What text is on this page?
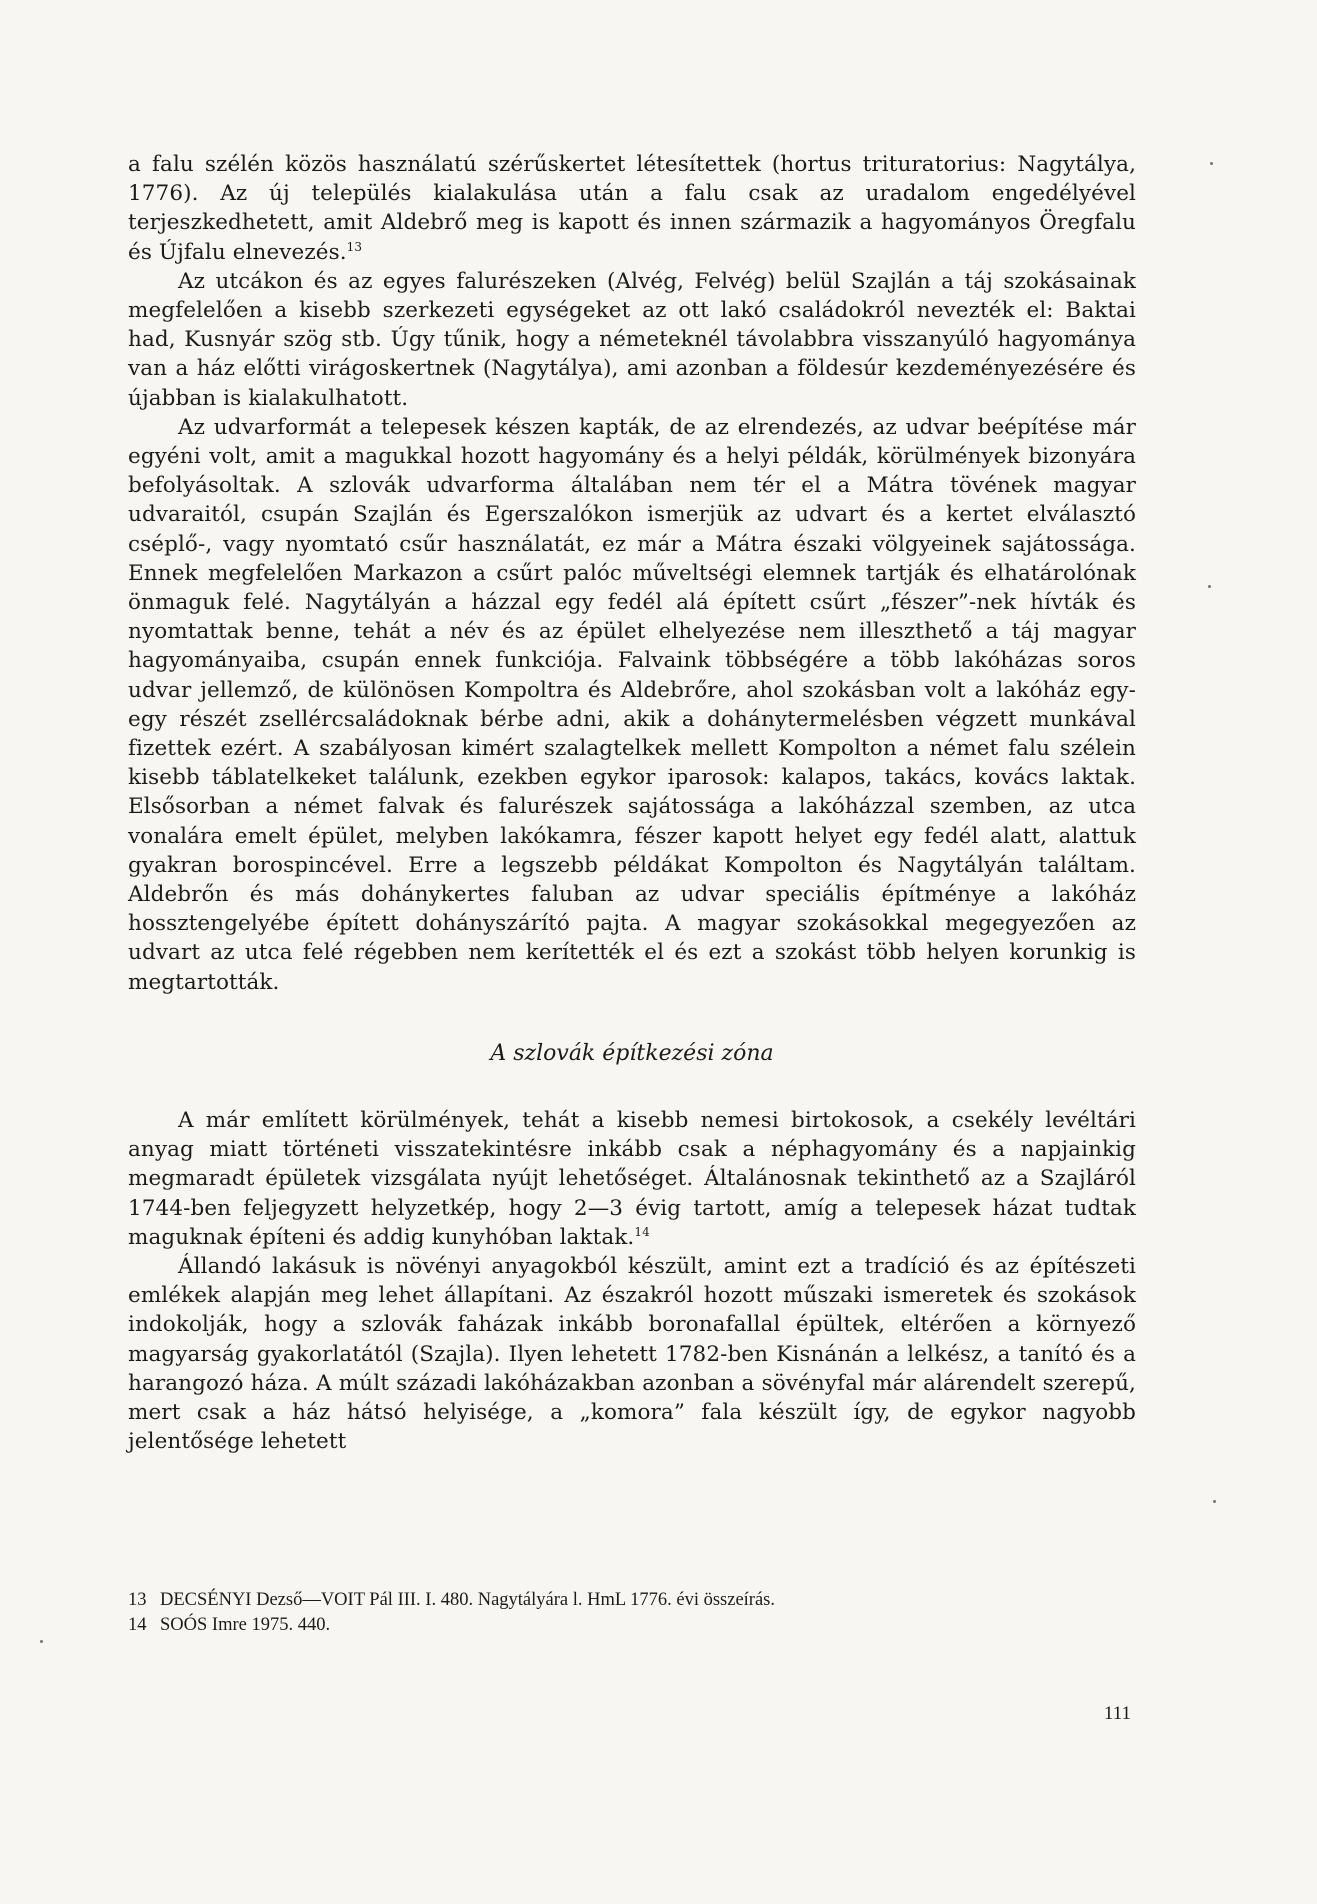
a falu szélén közös használatú szérűskertet létesítettek (hortus trituratorius: Nagytálya, 1776). Az új település kialakulása után a falu csak az uradalom engedélyével terjeszkedhetett, amit Aldebrő meg is kapott és innen származik a hagyományos Öregfalu és Újfalu elnevezés.$^{13}$

Az utcákon és az egyes falurészeken (Alvég, Felvég) belül Szajlán a táj szokásainak megfelelően a kisebb szerkezeti egységeket az ott lakó családokról nevezték el: Baktai had, Kusnyár szög stb. Úgy tűnik, hogy a németeknél távolabbra visszanyúló hagyománya van a ház előtti virágoskertnek (Nagytálya), ami azonban a földesúr kezdeményezésére és újabban is kialakulhatott.

Az udvarformát a telepesek készen kapták, de az elrendezés, az udvar beépítése már egyéni volt, amit a magukkal hozott hagyomány és a helyi példák, körülmények bizonyára befolyásoltak. A szlovák udvarforma általában nem tér el a Mátra tövének magyar udvaraitól, csupán Szajlán és Egerszalókon ismerjük az udvart és a kertet elválasztó cséplő-, vagy nyomtató csűr használatát, ez már a Mátra északi völgyeinek sajátossága. Ennek megfelelően Markazon a csűrt palóc műveltségi elemnek tartják és elhatárolónak önmaguk felé. Nagytályán a házzal egy fedél alá épített csűrt „fészer”-nek hívták és nyomtattak benne, tehát a név és az épület elhelyezése nem illeszthető a táj magyar hagyományaiba, csupán ennek funkciója. Falvaink többségére a több lakóházas soros udvar jellemző, de különösen Kompoltra és Aldebrőre, ahol szokásban volt a lakóház egy-egy részét zsellércsaládoknak bérbe adni, akik a dohánytermelésben végzett munkával fizettek ezért. A szabályosan kimért szalagtelkek mellett Kompolton a német falu szélein kisebb táblatelkeket találunk, ezekben egykor iparosok: kalapos, takács, kovács laktak. Elsősorban a német falvak és falurészek sajátossága a lakóházzal szemben, az utca vonalára emelt épület, melyben lakókamra, fészer kapott helyet egy fedél alatt, alattuk gyakran borospincével. Erre a legszebb példákat Kompolton és Nagytályán találtam. Aldebrőn és más dohánykertes faluban az udvar speciális építménye a lakóház hossztengelyébe épített dohányszárító pajta. A magyar szokásokkal megegyezően az udvart az utca felé régebben nem kerítették el és ezt a szokást több helyen korunkig is megtartották.

A szlovák építkezési zóna

A már említett körülmények, tehát a kisebb nemesi birtokosok, a csekély levéltári anyag miatt történeti visszatekintésre inkább csak a néphagyomány és a napjainkig megmaradt épületek vizsgálata nyújt lehetőséget. Általánosnak tekinthető az a Szajláról 1744-ben feljegyzett helyzetkép, hogy 2—3 évig tartott, amíg a telepesek házat tudtak maguknak építeni és addig kunyhóban laktak.$^{14}$

Állandó lakásuk is növényi anyagokból készült, amint ezt a tradíció és az építészeti emlékek alapján meg lehet állapítani. Az északról hozott műszaki ismeretek és szokások indokolják, hogy a szlovák faházak inkább boronafallal épültek, eltérően a környező magyarság gyakorlatától (Szajla). Ilyen lehetett 1782-ben Kisnánán a lelkész, a tanító és a harangozó háza. A múlt századi lakóházakban azonban a sövényfal már alárendelt szerepű, mert csak a ház hátsó helyisége, a „komora” fala készült így, de egykor nagyobb jelentősége lehetett

13 DECSÉNYI Dezső—VOIT Pál III. I. 480. Nagytályára l. HmL 1776. évi összeírás.

14 SOÓS Imre 1975. 440.

111
